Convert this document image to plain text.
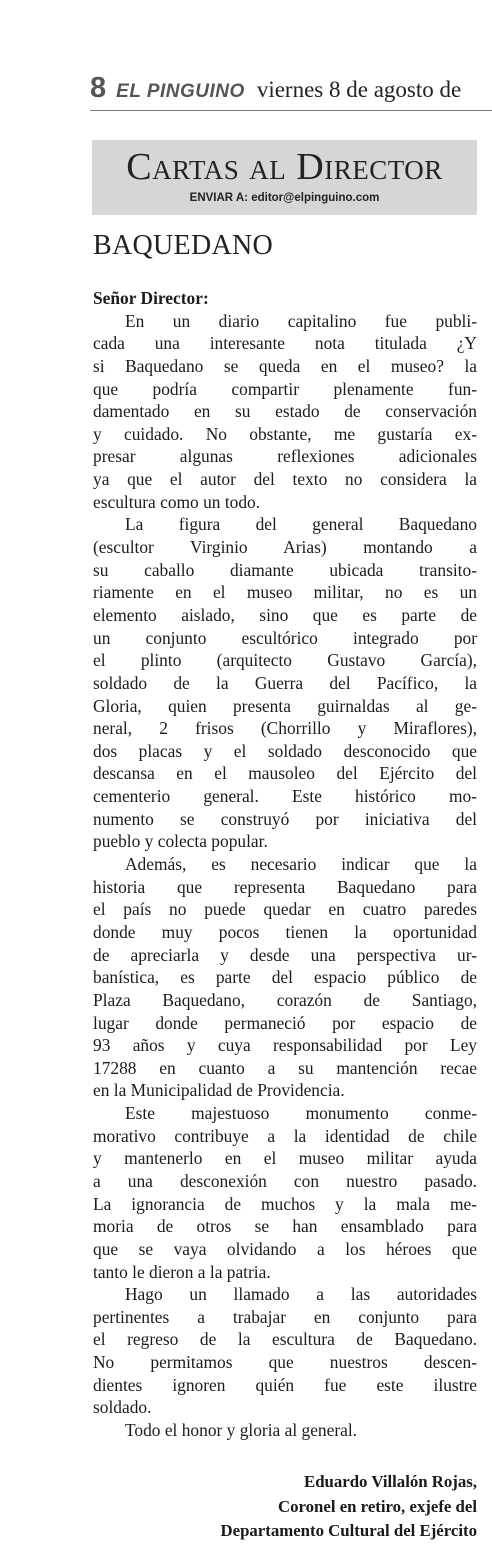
8 EL PINGUINO viernes 8 de agosto de
Cartas al Director
ENVIAR A: editor@elpinguino.com
BAQUEDANO
Señor Director:
En un diario capitalino fue publi-
cada una interesante nota titulada ¿Y
si Baquedano se queda en el museo? la
que podría compartir plenamente fun-
damentado en su estado de conservación
y cuidado. No obstante, me gustaría ex-
presar algunas reflexiones adicionales
ya que el autor del texto no considera la
escultura como un todo.
La figura del general Baquedano
(escultor Virginio Arias) montando a
su caballo diamante ubicada transito-
riamente en el museo militar, no es un
elemento aislado, sino que es parte de
un conjunto escultórico integrado por
el plinto (arquitecto Gustavo García),
soldado de la Guerra del Pacífico, la
Gloria, quien presenta guirnaldas al ge-
neral, 2 frisos (Chorrillo y Miraflores),
dos placas y el soldado desconocido que
descansa en el mausoleo del Ejército del
cementerio general. Este histórico mo-
numento se construyó por iniciativa del
pueblo y colecta popular.
Además, es necesario indicar que la
historia que representa Baquedano para
el país no puede quedar en cuatro paredes
donde muy pocos tienen la oportunidad
de apreciarla y desde una perspectiva ur-
banística, es parte del espacio público de
Plaza Baquedano, corazón de Santiago,
lugar donde permaneció por espacio de
93 años y cuya responsabilidad por Ley
17288 en cuanto a su mantención recae
en la Municipalidad de Providencia.
Este majestuoso monumento conme-
morativo contribuye a la identidad de chile
y mantenerlo en el museo militar ayuda
a una desconexión con nuestro pasado.
La ignorancia de muchos y la mala me-
moria de otros se han ensamblado para
que se vaya olvidando a los héroes que
tanto le dieron a la patria.
Hago un llamado a las autoridades
pertinentes a trabajar en conjunto para
el regreso de la escultura de Baquedano.
No permitamos que nuestros descen-
dientes ignoren quién fue este ilustre
soldado.
Todo el honor y gloria al general.
Eduardo Villalón Rojas,
Coronel en retiro, exjefe del
Departamento Cultural del Ejército
